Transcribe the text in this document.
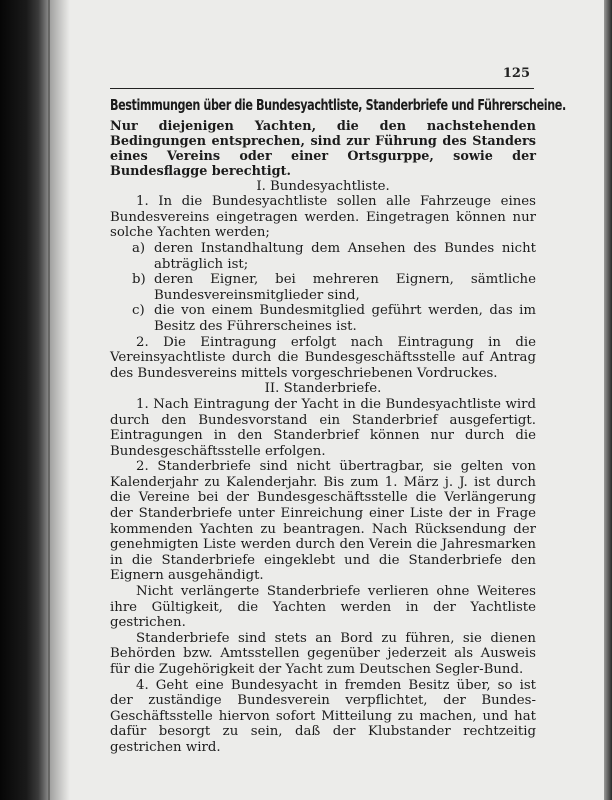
125
Bestimmungen über die Bundesyachtliste, Standerbriefe und Führerscheine.
Nur diejenigen Yachten, die den nachstehenden Bedingungen entsprechen, sind zur Führung des Standers eines Vereins oder einer Ortsgurppe, sowie der Bundesflagge berechtigt.
I. Bundesyachtliste.
1. In die Bundesyachtliste sollen alle Fahrzeuge eines Bundesvereins eingetragen werden. Eingetragen können nur solche Yachten werden;
a) deren Instandhaltung dem Ansehen des Bundes nicht abträglich ist;
b) deren Eigner, bei mehreren Eignern, sämtliche Bundesvereinsmitglieder sind,
c) die von einem Bundesmitglied geführt werden, das im Besitz des Führerscheines ist.
2. Die Eintragung erfolgt nach Eintragung in die Vereinsyachtliste durch die Bundesgeschäftsstelle auf Antrag des Bundesvereins mittels vorgeschriebenen Vordruckes.
II. Standerbriefe.
1. Nach Eintragung der Yacht in die Bundesyachtliste wird durch den Bundesvorstand ein Standerbrief ausgefertigt. Eintragungen in den Standerbrief können nur durch die Bundesgeschäftsstelle erfolgen.
2. Standerbriefe sind nicht übertragbar, sie gelten von Kalenderjahr zu Kalenderjahr. Bis zum 1. März j. J. ist durch die Vereine bei der Bundesgeschäftsstelle die Verlängerung der Standerbriefe unter Einreichung einer Liste der in Frage kommenden Yachten zu beantragen. Nach Rücksendung der genehmigten Liste werden durch den Verein die Jahresmarken in die Standerbriefe eingeklebt und die Standerbriefe den Eignern ausgehändigt.
Nicht verlängerte Standerbriefe verlieren ohne Weiteres ihre Gültigkeit, die Yachten werden in der Yachtliste gestrichen.
Standerbriefe sind stets an Bord zu führen, sie dienen Behörden bzw. Amtsstellen gegenüber jederzeit als Ausweis für die Zugehörigkeit der Yacht zum Deutschen Segler-Bund.
4. Geht eine Bundesyacht in fremden Besitz über, so ist der zuständige Bundesverein verpflichtet, der Bundes-Geschäftsstelle hiervon sofort Mitteilung zu machen, und hat dafür besorgt zu sein, daß der Klubstander rechtzeitig gestrichen wird.
